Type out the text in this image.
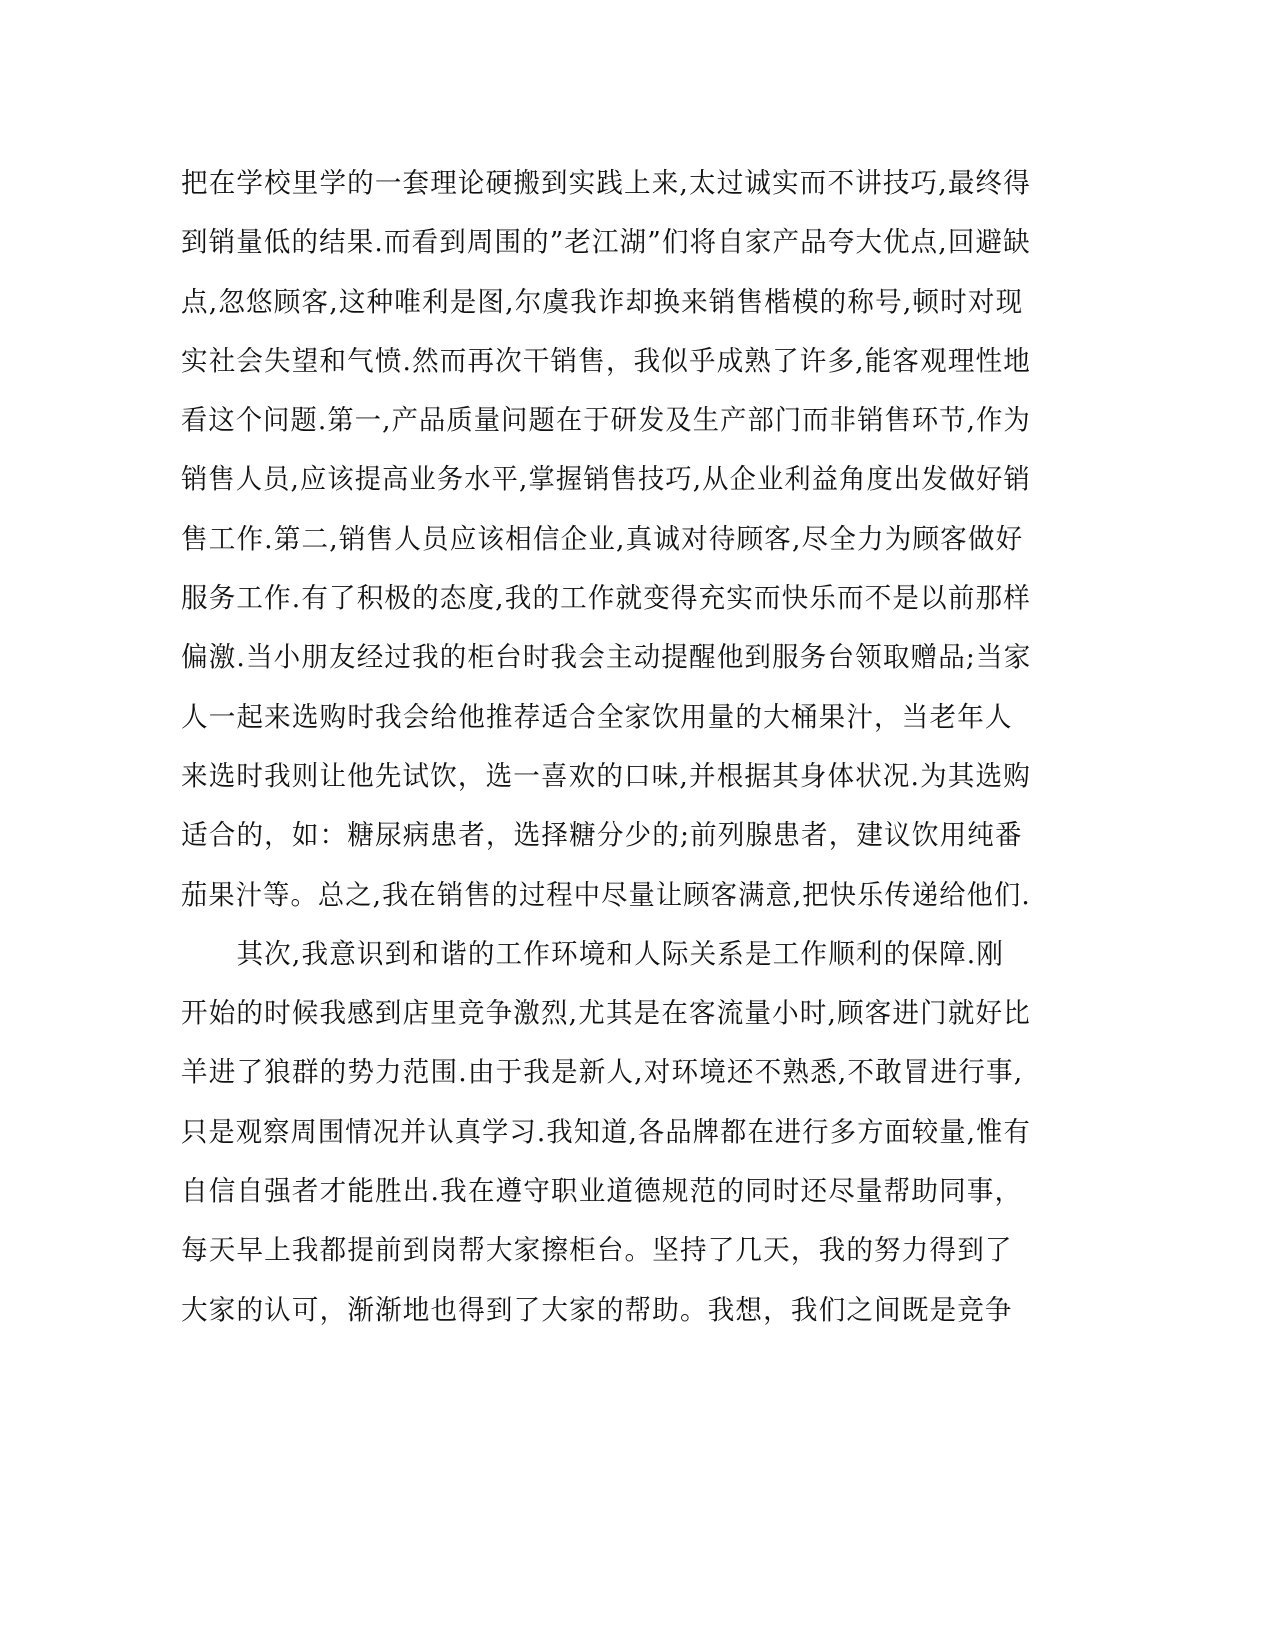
把在学校里学的一套理论硬搬到实践上来,太过诚实而不讲技巧,最终得
到销量低的结果.而看到周围的”老江湖”们将自家产品夸大优点,回避缺
点,忽悠顾客,这种唯利是图,尔虞我诈却换来销售楷模的称号,顿时对现
实社会失望和气愤.然而再次干销售，我似乎成熟了许多,能客观理性地
看这个问题.第一,产品质量问题在于研发及生产部门而非销售环节,作为
销售人员,应该提高业务水平,掌握销售技巧,从企业利益角度出发做好销
售工作.第二,销售人员应该相信企业,真诚对待顾客,尽全力为顾客做好
服务工作.有了积极的态度,我的工作就变得充实而快乐而不是以前那样
偏激.当小朋友经过我的柜台时我会主动提醒他到服务台领取赠品;当家
人一起来选购时我会给他推荐适合全家饮用量的大桶果汁，当老年人
来选时我则让他先试饮，选一喜欢的口味,并根据其身体状况.为其选购
适合的，如：糖尿病患者，选择糖分少的;前列腺患者，建议饮用纯番
茄果汁等。总之,我在销售的过程中尽量让顾客满意,把快乐传递给他们.
　　其次,我意识到和谐的工作环境和人际关系是工作顺利的保障.刚
开始的时候我感到店里竞争激烈,尤其是在客流量小时,顾客进门就好比
羊进了狼群的势力范围.由于我是新人,对环境还不熟悉,不敢冒进行事,
只是观察周围情况并认真学习.我知道,各品牌都在进行多方面较量,惟有
自信自强者才能胜出.我在遵守职业道德规范的同时还尽量帮助同事，
每天早上我都提前到岗帮大家擦柜台。坚持了几天，我的努力得到了
大家的认可，渐渐地也得到了大家的帮助。我想，我们之间既是竞争
